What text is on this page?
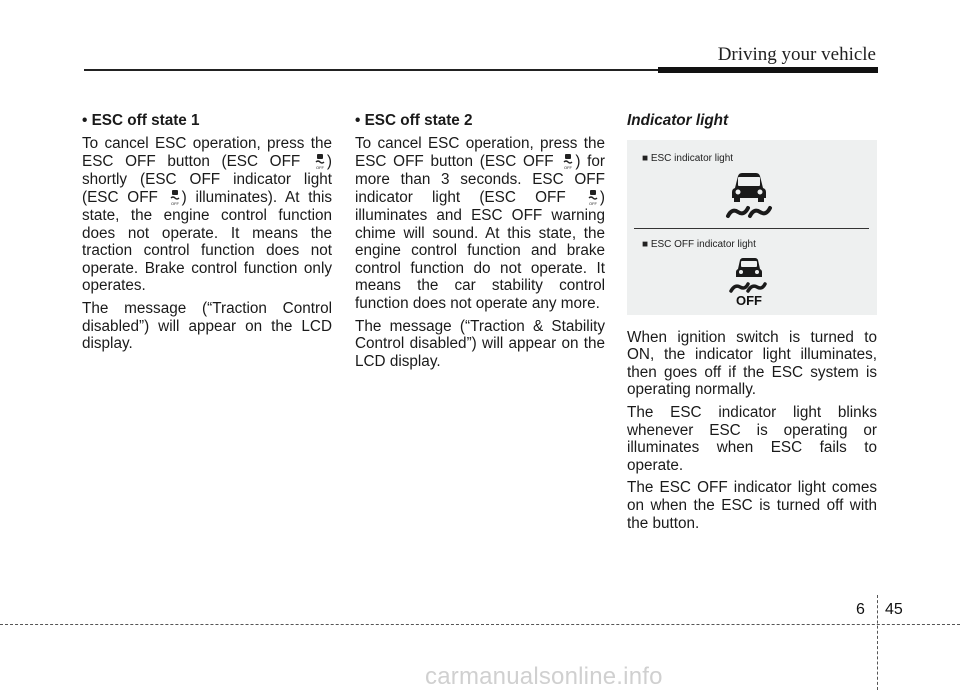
Driving your vehicle
• ESC off state 1

To cancel ESC operation, press the ESC OFF button (ESC OFF OFF ) shortly (ESC OFF indicator light (ESC OFF OFF ) illuminates). At this state, the engine control function does not operate. It means the traction control function does not operate. Brake control function only operates.

The message (“Traction Control disabled”) will appear on the LCD display.

• ESC off state 2

To cancel ESC operation, press the ESC OFF button (ESC OFF OFF ) for more than 3 seconds. ESC OFF indicator light (ESC OFF OFF ) illuminates and ESC OFF warning chime will sound. At this state, the engine control function and brake control function do not operate. It means the car stability control function does not operate any more.

The message (“Traction & Stability Control disabled”) will appear on the LCD display.

Indicator light
■ ESC indicator light
■ ESC OFF indicator light
OFF

When ignition switch is turned to ON, the indicator light illuminates, then goes off if the ESC system is operating normally.

The ESC indicator light blinks whenever ESC is operating or illuminates when ESC fails to operate.

The ESC OFF indicator light comes on when the ESC is turned off with the button.

6 45
carmanualsonline.info
